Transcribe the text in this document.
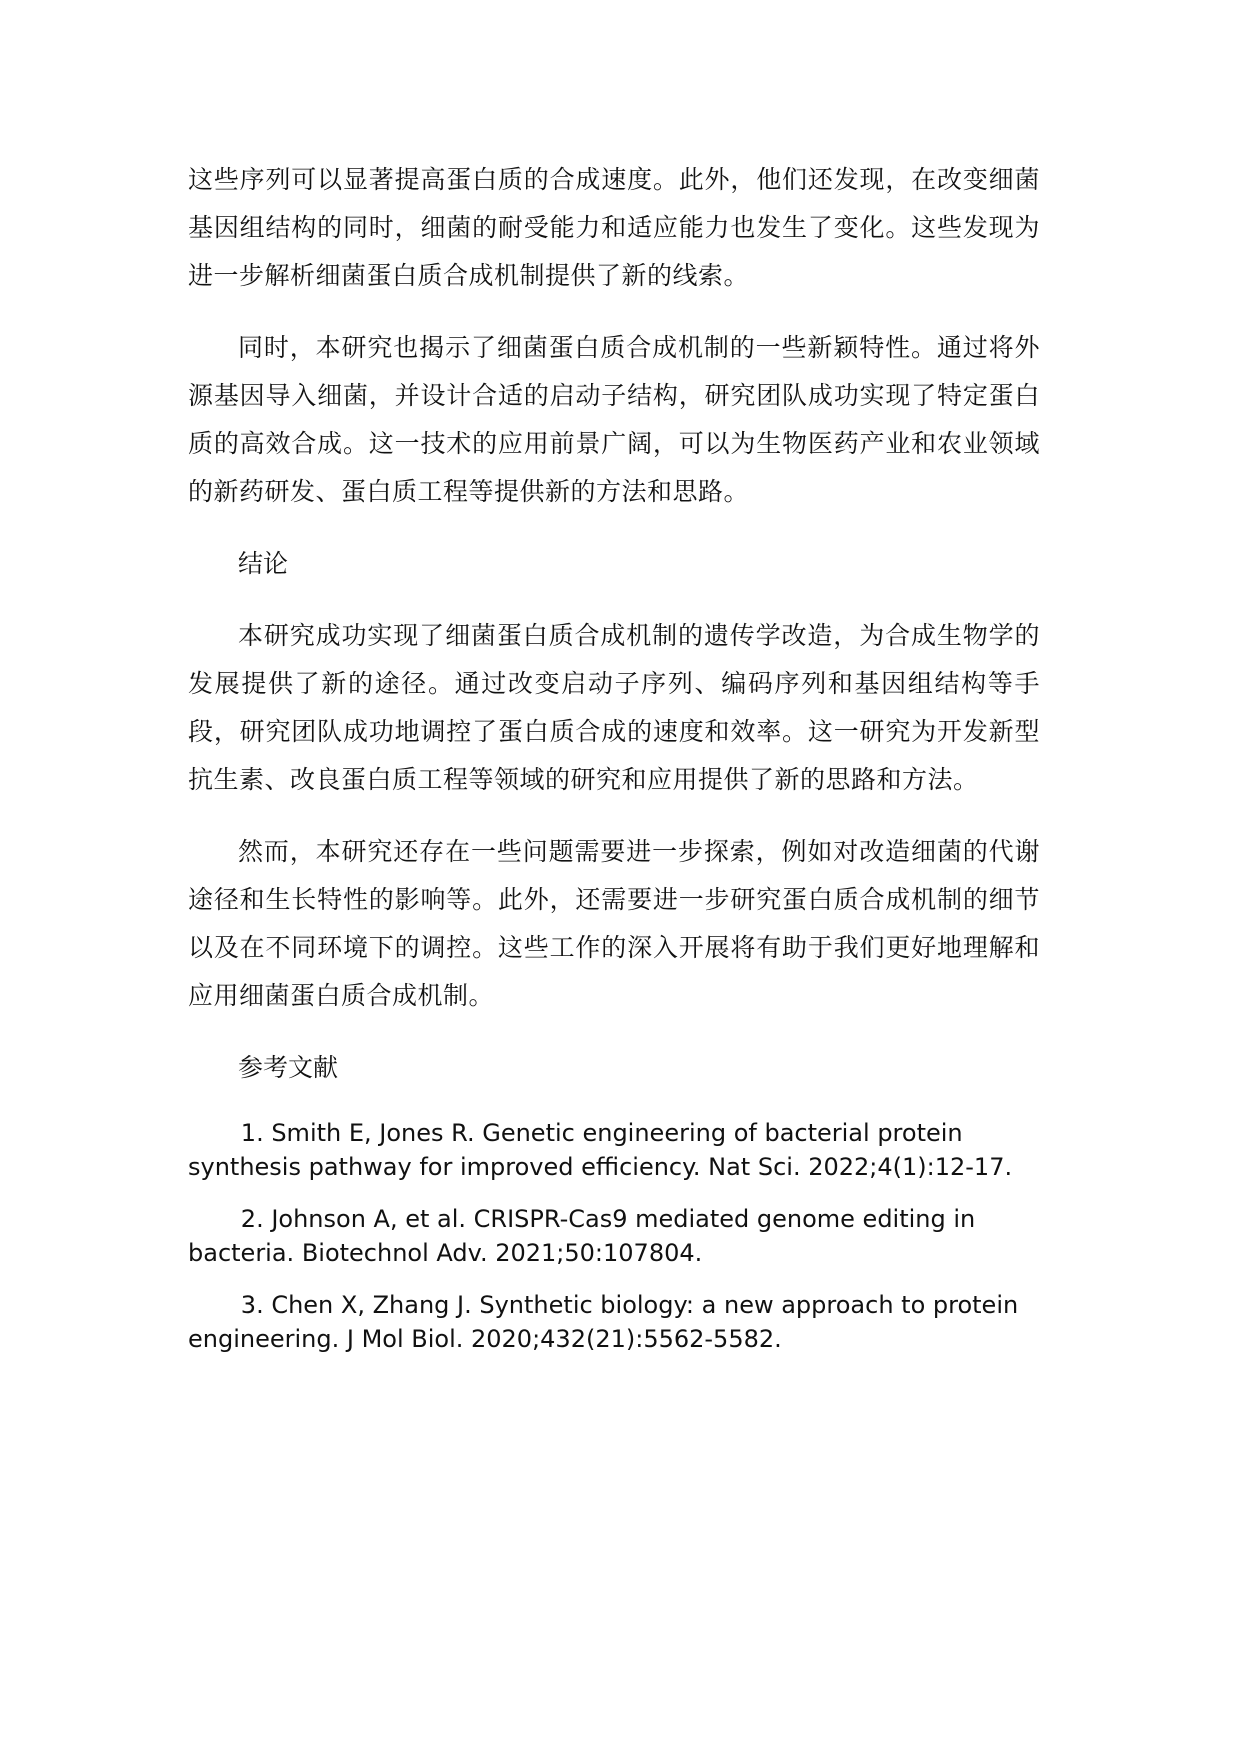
这些序列可以显著提高蛋白质的合成速度。此外，他们还发现，在改变细菌基因组结构的同时，细菌的耐受能力和适应能力也发生了变化。这些发现为进一步解析细菌蛋白质合成机制提供了新的线索。

同时，本研究也揭示了细菌蛋白质合成机制的一些新颖特性。通过将外源基因导入细菌，并设计合适的启动子结构，研究团队成功实现了特定蛋白质的高效合成。这一技术的应用前景广阔，可以为生物医药产业和农业领域的新药研发、蛋白质工程等提供新的方法和思路。

结论

本研究成功实现了细菌蛋白质合成机制的遗传学改造，为合成生物学的发展提供了新的途径。通过改变启动子序列、编码序列和基因组结构等手段，研究团队成功地调控了蛋白质合成的速度和效率。这一研究为开发新型抗生素、改良蛋白质工程等领域的研究和应用提供了新的思路和方法。

然而，本研究还存在一些问题需要进一步探索，例如对改造细菌的代谢途径和生长特性的影响等。此外，还需要进一步研究蛋白质合成机制的细节以及在不同环境下的调控。这些工作的深入开展将有助于我们更好地理解和应用细菌蛋白质合成机制。

参考文献

1. Smith E, Jones R. Genetic engineering of bacterial protein synthesis pathway for improved efficiency. Nat Sci. 2022;4(1):12-17.

2. Johnson A, et al. CRISPR-Cas9 mediated genome editing in bacteria. Biotechnol Adv. 2021;50:107804.

3. Chen X, Zhang J. Synthetic biology: a new approach to protein engineering. J Mol Biol. 2020;432(21):5562-5582.
